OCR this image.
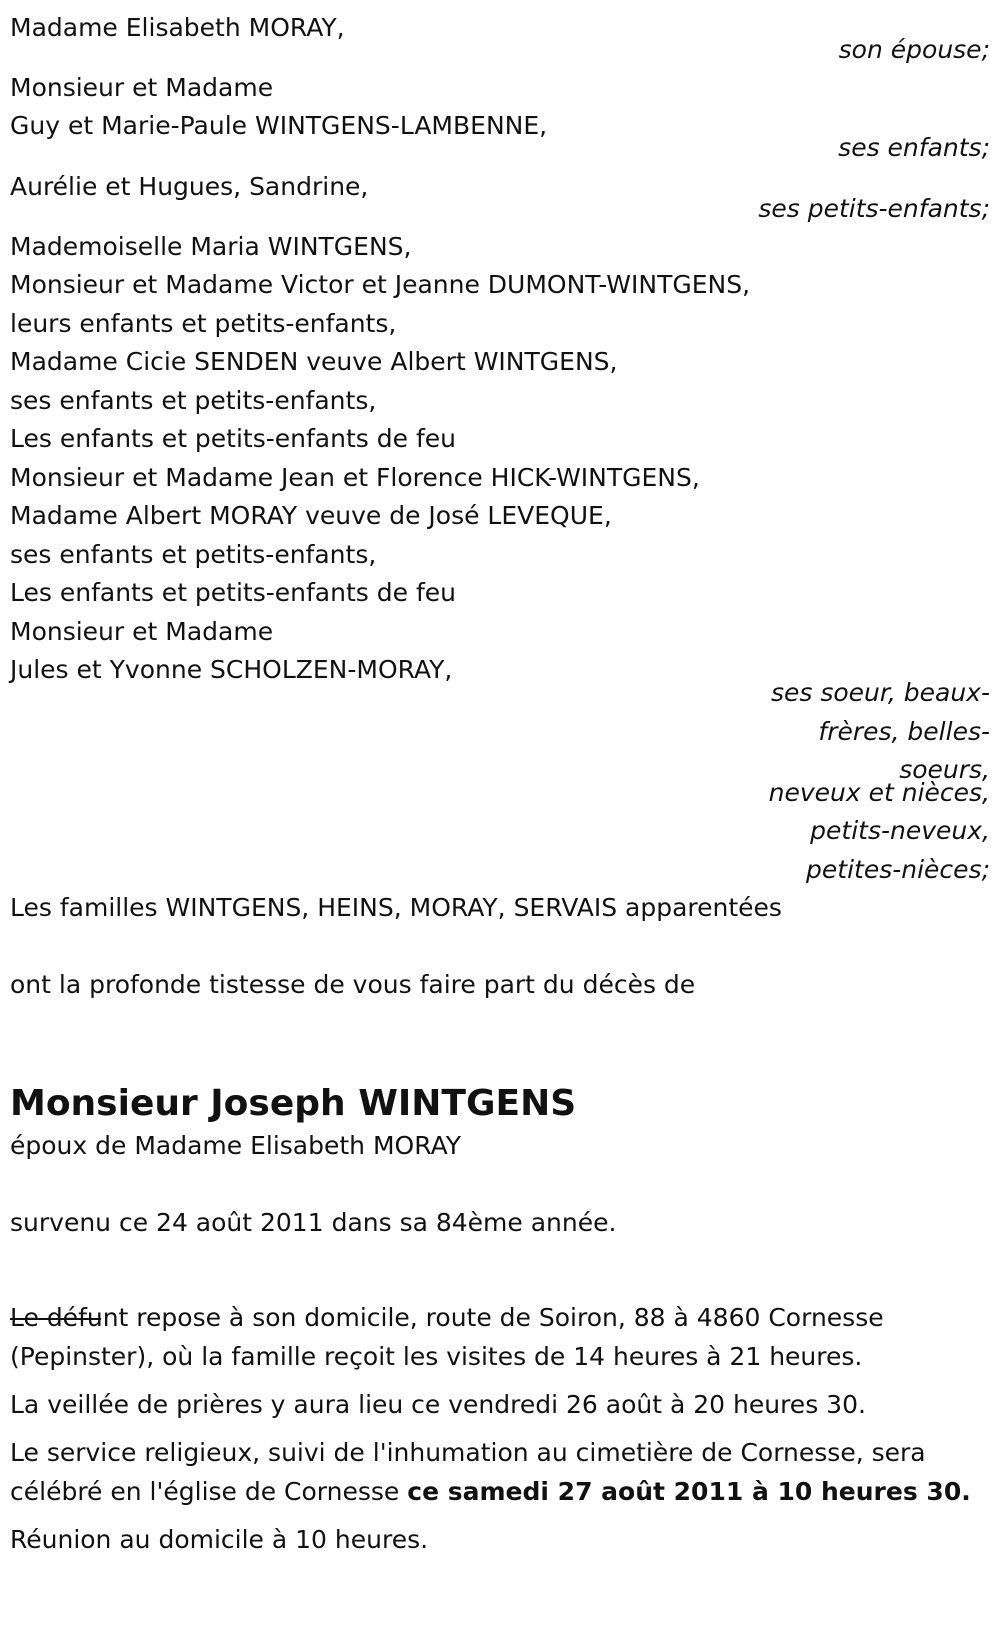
Madame Elisabeth MORAY,
son épouse;
Monsieur et Madame
Guy et Marie-Paule WINTGENS-LAMBENNE,
ses enfants;
Aurélie et Hugues, Sandrine,
ses petits-enfants;
Mademoiselle Maria WINTGENS,
Monsieur et Madame Victor et Jeanne DUMONT-WINTGENS,
leurs enfants et petits-enfants,
Madame Cicie SENDEN veuve Albert WINTGENS,
ses enfants et petits-enfants,
Les enfants et petits-enfants de feu
Monsieur et Madame Jean et Florence HICK-WINTGENS,
Madame Albert MORAY veuve de José LEVEQUE,
ses enfants et petits-enfants,
Les enfants et petits-enfants de feu
Monsieur et Madame
Jules et Yvonne SCHOLZEN-MORAY,
ses soeur, beaux-
frères, belles-
soeurs,
neveux et nièces,
petits-neveux,
petites-nièces;
Les familles WINTGENS, HEINS, MORAY, SERVAIS apparentées
ont la profonde tistesse de vous faire part du décès de
Monsieur Joseph WINTGENS
époux de Madame Elisabeth MORAY
survenu ce 24 août 2011 dans sa 84ème année.
Le défunt repose à son domicile, route de Soiron, 88 à 4860 Cornesse
(Pepinster), où la famille reçoit les visites de 14 heures à 21 heures.
La veillée de prières y aura lieu ce vendredi 26 août à 20 heures 30.
Le service religieux, suivi de l'inhumation au cimetière de Cornesse, sera
célébré en l'église de Cornesse ce samedi 27 août 2011 à 10 heures 30.
Réunion au domicile à 10 heures.
